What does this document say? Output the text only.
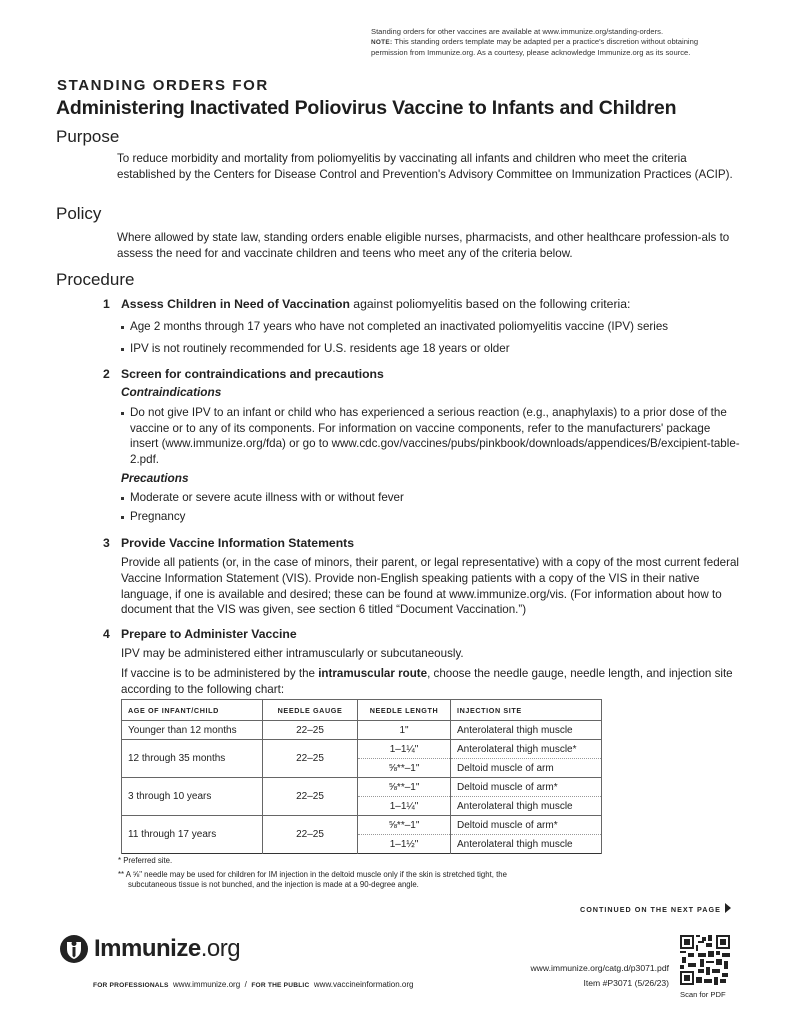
Standing orders for other vaccines are available at www.immunize.org/standing-orders.
NOTE: This standing orders template may be adapted per a practice's discretion without obtaining permission from Immunize.org. As a courtesy, please acknowledge Immunize.org as its source.
STANDING ORDERS FOR
Administering Inactivated Poliovirus Vaccine to Infants and Children
Purpose
To reduce morbidity and mortality from poliomyelitis by vaccinating all infants and children who meet the criteria established by the Centers for Disease Control and Prevention's Advisory Committee on Immunization Practices (ACIP).
Policy
Where allowed by state law, standing orders enable eligible nurses, pharmacists, and other healthcare profession-als to assess the need for and vaccinate children and teens who meet any of the criteria below.
Procedure
1 Assess Children in Need of Vaccination against poliomyelitis based on the following criteria:
Age 2 months through 17 years who have not completed an inactivated poliomyelitis vaccine (IPV) series
IPV is not routinely recommended for U.S. residents age 18 years or older
2 Screen for contraindications and precautions
Contraindications
Do not give IPV to an infant or child who has experienced a serious reaction (e.g., anaphylaxis) to a prior dose of the vaccine or to any of its components. For information on vaccine components, refer to the manufacturers' package insert (www.immunize.org/fda) or go to www.cdc.gov/vaccines/pubs/pinkbook/downloads/appendices/B/excipient-table-2.pdf.
Precautions
Moderate or severe acute illness with or without fever
Pregnancy
3 Provide Vaccine Information Statements
Provide all patients (or, in the case of minors, their parent, or legal representative) with a copy of the most current federal Vaccine Information Statement (VIS). Provide non-English speaking patients with a copy of the VIS in their native language, if one is available and desired; these can be found at www.immunize.org/vis. (For information about how to document that the VIS was given, see section 6 titled “Document Vaccination.”)
4 Prepare to Administer Vaccine
IPV may be administered either intramuscularly or subcutaneously.
If vaccine is to be administered by the intramuscular route, choose the needle gauge, needle length, and injection site according to the following chart:
AGE OF INFANT/CHILD	NEEDLE GAUGE	NEEDLE LENGTH	INJECTION SITE
Younger than 12 months	22–25	1"	Anterolateral thigh muscle
12 through 35 months	22–25	1–1¼"	Anterolateral thigh muscle*
		⅝**–1"	Deltoid muscle of arm
3 through 10 years	22–25	⅝**–1"	Deltoid muscle of arm*
		1–1¼"	Anterolateral thigh muscle
11 through 17 years	22–25	⅝**–1"	Deltoid muscle of arm*
		1–1½"	Anterolateral thigh muscle
* Preferred site.
** A ⅝" needle may be used for children for IM injection in the deltoid muscle only if the skin is stretched tight, the subcutaneous tissue is not bunched, and the injection is made at a 90-degree angle.
CONTINUED ON THE NEXT PAGE
Immunize.org
FOR PROFESSIONALS www.immunize.org / FOR THE PUBLIC www.vaccineinformation.org
www.immunize.org/catg.d/p3071.pdf
Item #P3071 (5/26/23)
Scan for PDF
